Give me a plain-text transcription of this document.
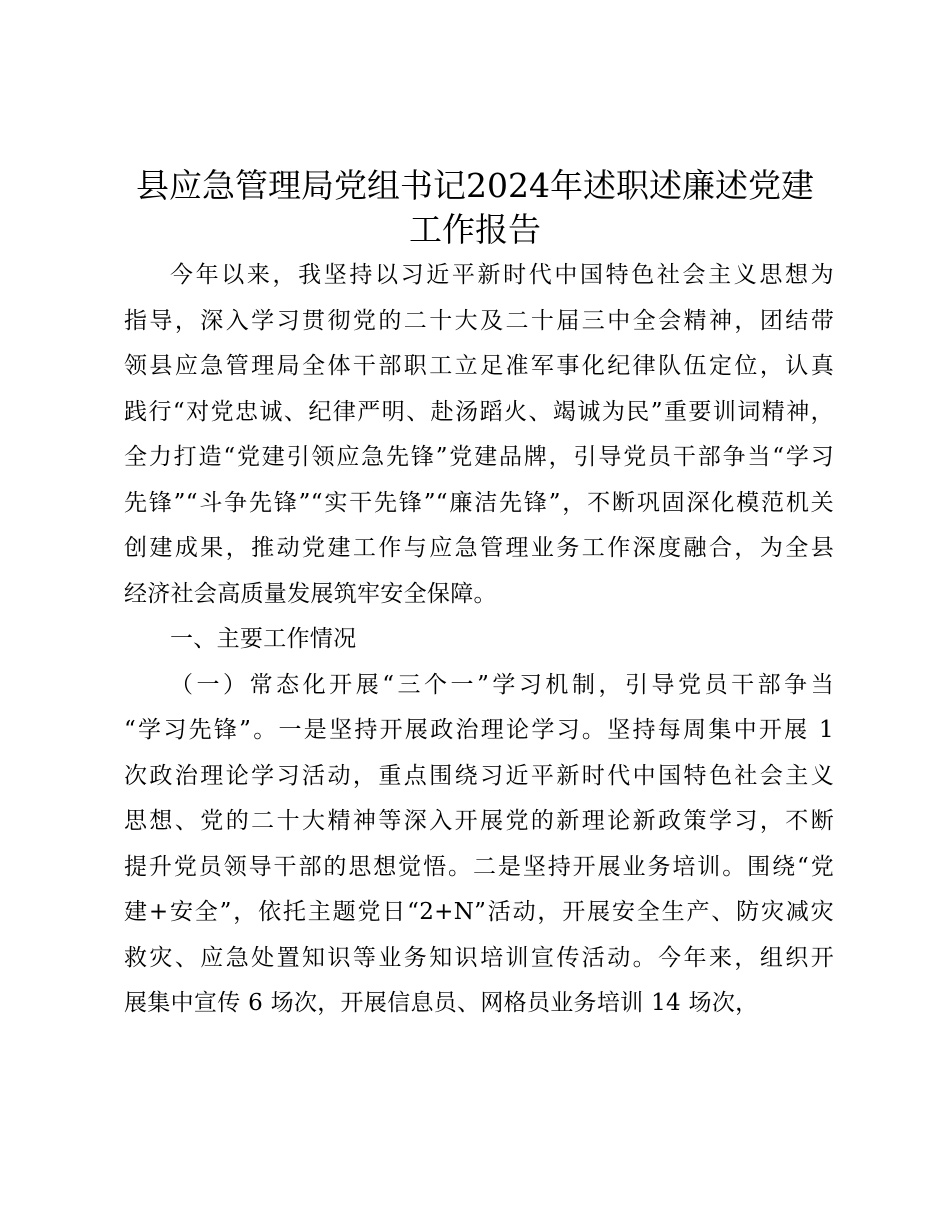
县应急管理局党组书记2024年述职述廉述党建
工作报告
今年以来，我坚持以习近平新时代中国特色社会主义思想为
指导，深入学习贯彻党的二十大及二十届三中全会精神，团结带
领县应急管理局全体干部职工立足准军事化纪律队伍定位，认真
践行“对党忠诚、纪律严明、赴汤蹈火、竭诚为民”重要训词精神，
全力打造“党建引领应急先锋”党建品牌，引导党员干部争当“学习
先锋”“斗争先锋”“实干先锋”“廉洁先锋”，不断巩固深化模范机关
创建成果，推动党建工作与应急管理业务工作深度融合，为全县
经济社会高质量发展筑牢安全保障。
一、主要工作情况
（一）常态化开展“三个一”学习机制，引导党员干部争当
“学习先锋”。一是坚持开展政治理论学习。坚持每周集中开展 1
次政治理论学习活动，重点围绕习近平新时代中国特色社会主义
思想、党的二十大精神等深入开展党的新理论新政策学习，不断
提升党员领导干部的思想觉悟。二是坚持开展业务培训。围绕“党
建+安全”，依托主题党日“2+N”活动，开展安全生产、防灾减灾
救灾、应急处置知识等业务知识培训宣传活动。今年来，组织开
展集中宣传 6 场次，开展信息员、网格员业务培训 14 场次，
